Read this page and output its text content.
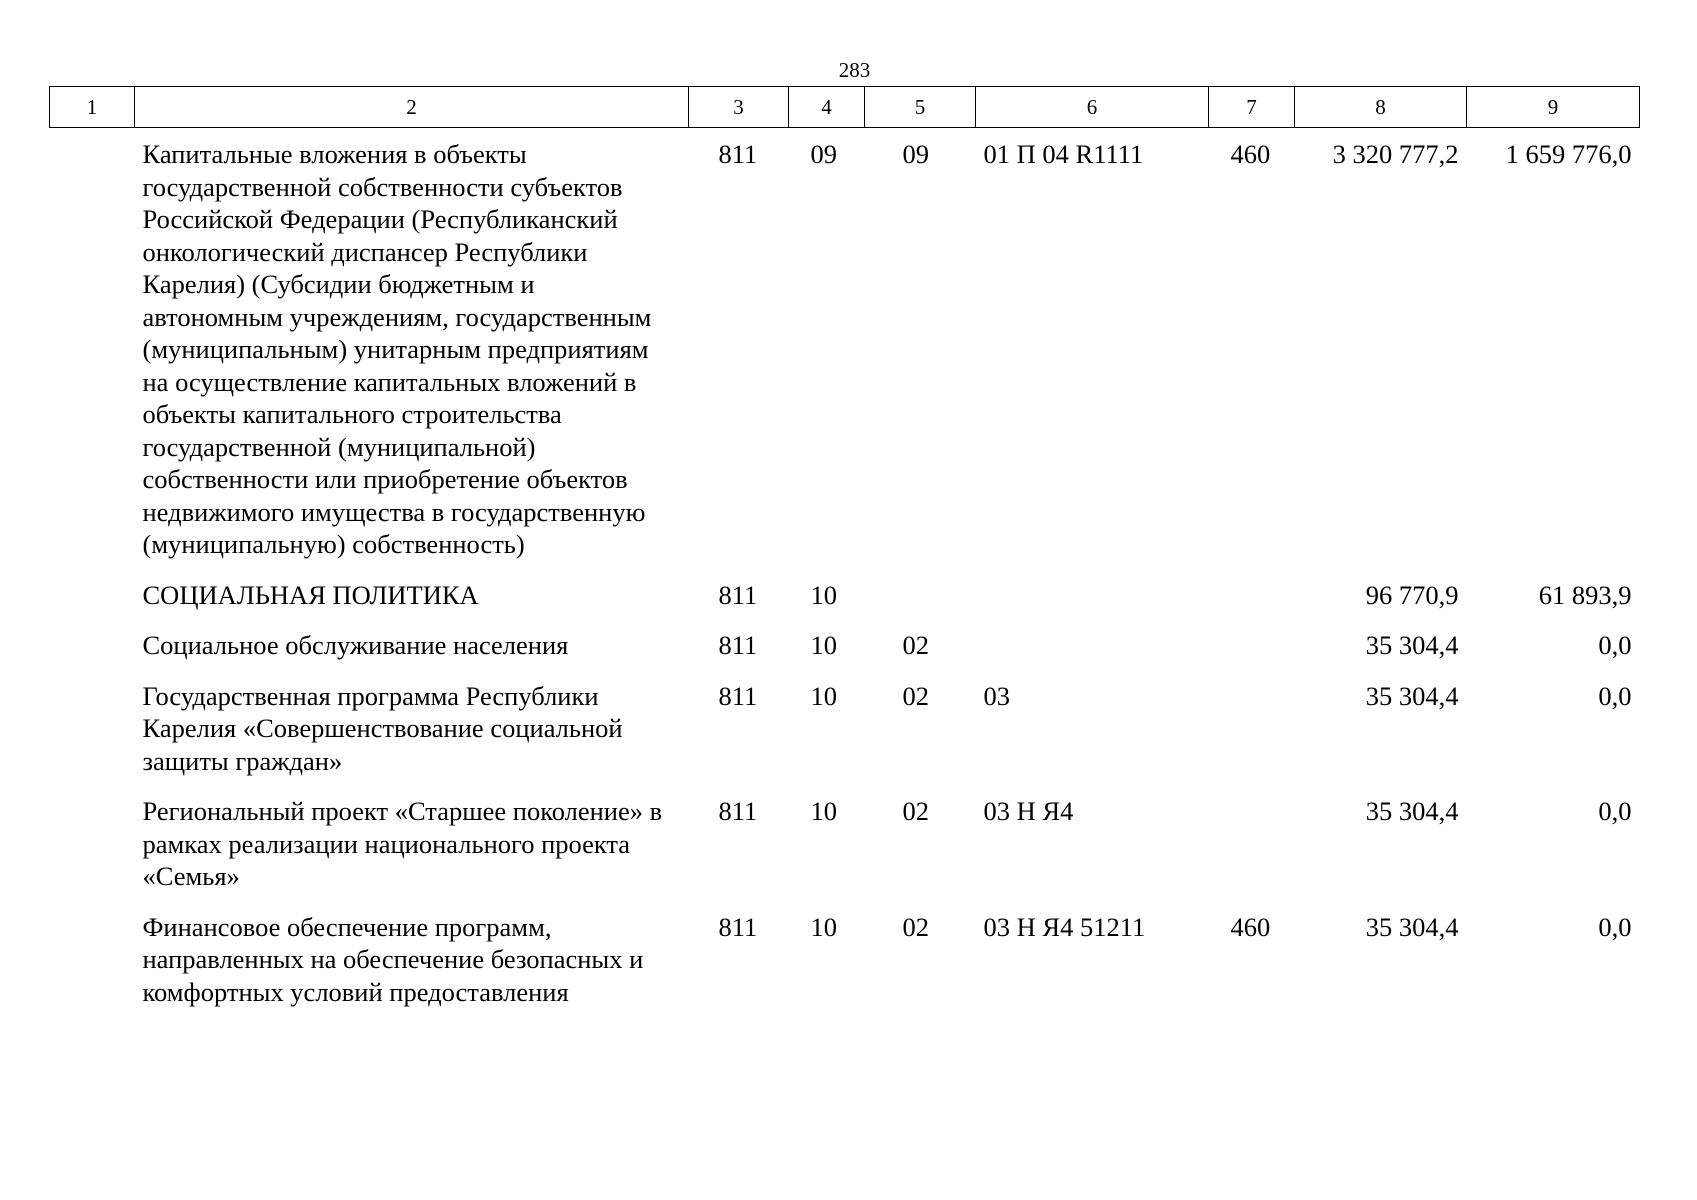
283
1	2	3	4	5	6	7	8	9
	Капитальные вложения в объекты государственной собственности субъектов Российской Федерации (Республиканский онкологический диспансер Республики Карелия) (Субсидии бюджетным и автономным учреждениям, государственным (муниципальным) унитарным предприятиям на осуществление капитальных вложений в объекты капитального строительства государственной (муниципальной) собственности или приобретение объектов недвижимого имущества в государственную (муниципальную) собственность)	811	09	09	01 П 04 R1111	460	3 320 777,2	1 659 776,0
	СОЦИАЛЬНАЯ ПОЛИТИКА	811	10				96 770,9	61 893,9
	Социальное обслуживание населения	811	10	02			35 304,4	0,0
	Государственная программа Республики Карелия «Совершенствование социальной защиты граждан»	811	10	02	03		35 304,4	0,0
	Региональный проект «Старшее поколение» в рамках реализации национального проекта «Семья»	811	10	02	03 Н Я4		35 304,4	0,0
	Финансовое обеспечение программ, направленных на обеспечение безопасных и комфортных условий предоставления	811	10	02	03 Н Я4 51211	460	35 304,4	0,0
